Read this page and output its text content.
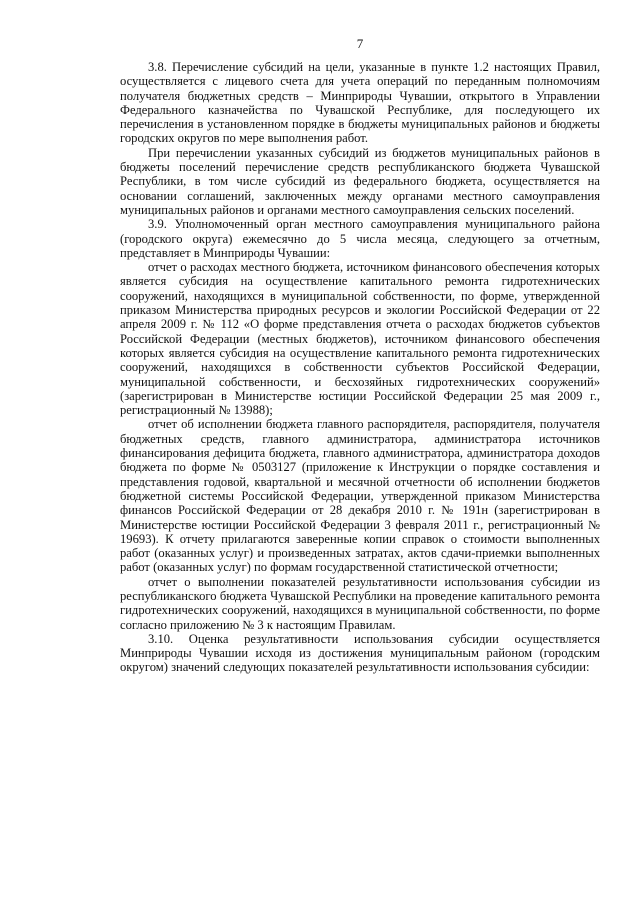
7

3.8. Перечисление субсидий на цели, указанные в пункте 1.2 настоящих Правил, осуществляется с лицевого счета для учета операций по переданным полномочиям получателя бюджетных средств – Минприроды Чувашии, открытого в Управлении Федерального казначейства по Чувашской Республике, для последующего их перечисления в установленном порядке в бюджеты муниципальных районов и бюджеты городских округов по мере выполнения работ.

При перечислении указанных субсидий из бюджетов муниципальных районов в бюджеты поселений перечисление средств республиканского бюджета Чувашской Республики, в том числе субсидий из федерального бюджета, осуществляется на основании соглашений, заключенных между органами местного самоуправления муниципальных районов и органами местного самоуправления сельских поселений.

3.9. Уполномоченный орган местного самоуправления муниципального района (городского округа) ежемесячно до 5 числа месяца, следующего за отчетным, представляет в Минприроды Чувашии:

отчет о расходах местного бюджета, источником финансового обеспечения которых является субсидия на осуществление капитального ремонта гидротехнических сооружений, находящихся в муниципальной собственности, по форме, утвержденной приказом Министерства природных ресурсов и экологии Российской Федерации от 22 апреля 2009 г. № 112 «О форме представления отчета о расходах бюджетов субъектов Российской Федерации (местных бюджетов), источником финансового обеспечения которых является субсидия на осуществление капитального ремонта гидротехнических сооружений, находящихся в собственности субъектов Российской Федерации, муниципальной собственности, и бесхозяйных гидротехнических сооружений» (зарегистрирован в Министерстве юстиции Российской Федерации 25 мая 2009 г., регистрационный № 13988);

отчет об исполнении бюджета главного распорядителя, распорядителя, получателя бюджетных средств, главного администратора, администратора источников финансирования дефицита бюджета, главного администратора, администратора доходов бюджета по форме № 0503127 (приложение к Инструкции о порядке составления и представления годовой, квартальной и месячной отчетности об исполнении бюджетов бюджетной системы Российской Федерации, утвержденной приказом Министерства финансов Российской Федерации от 28 декабря 2010 г. № 191н (зарегистрирован в Министерстве юстиции Российской Федерации 3 февраля 2011 г., регистрационный № 19693). К отчету прилагаются заверенные копии справок о стоимости выполненных работ (оказанных услуг) и произведенных затратах, актов сдачи-приемки выполненных работ (оказанных услуг) по формам государственной статистической отчетности;

отчет о выполнении показателей результативности использования субсидии из республиканского бюджета Чувашской Республики на проведение капитального ремонта гидротехнических сооружений, находящихся в муниципальной собственности, по форме согласно приложению № 3 к настоящим Правилам.

3.10. Оценка результативности использования субсидии осуществляется Минприроды Чувашии исходя из достижения муниципальным районом (городским округом) значений следующих показателей результативности использования субсидии:
